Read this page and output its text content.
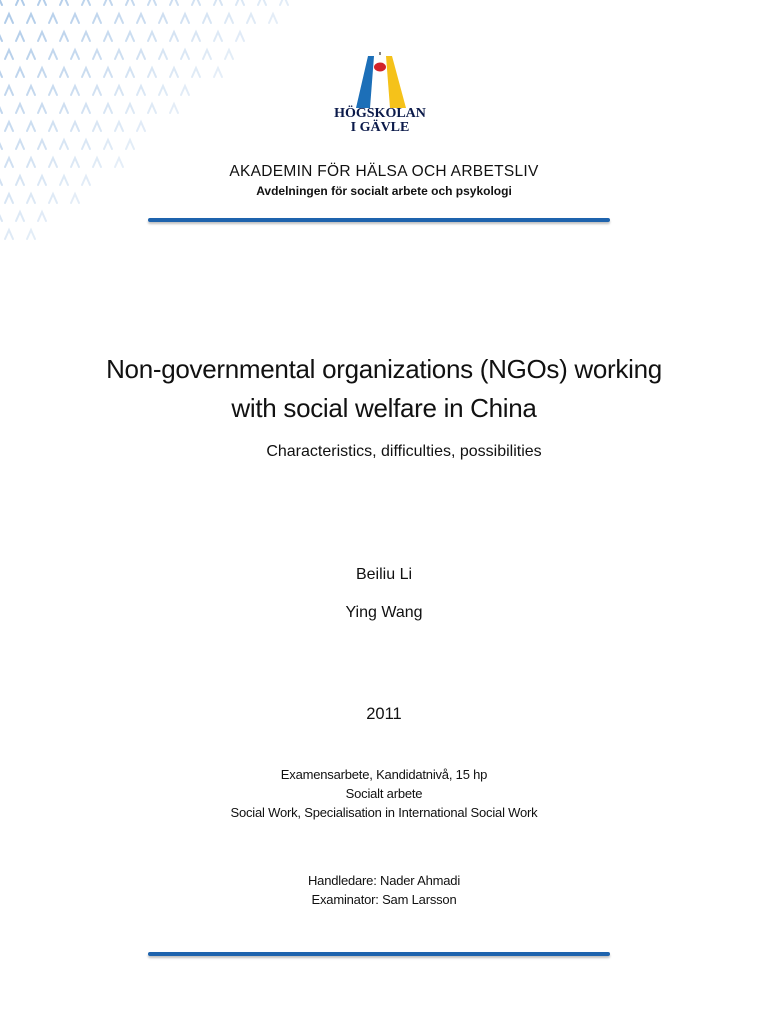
HÖGSKOLAN
I GÄVLE
AKADEMIN FÖR HÄLSA OCH ARBETSLIV
Avdelningen för socialt arbete och psykologi
Non-governmental organizations (NGOs) working
with social welfare in China
Characteristics, difficulties, possibilities
Beiliu Li
Ying Wang
2011
Examensarbete, Kandidatnivå, 15 hp
Socialt arbete
Social Work, Specialisation in International Social Work
Handledare: Nader Ahmadi
Examinator: Sam Larsson
